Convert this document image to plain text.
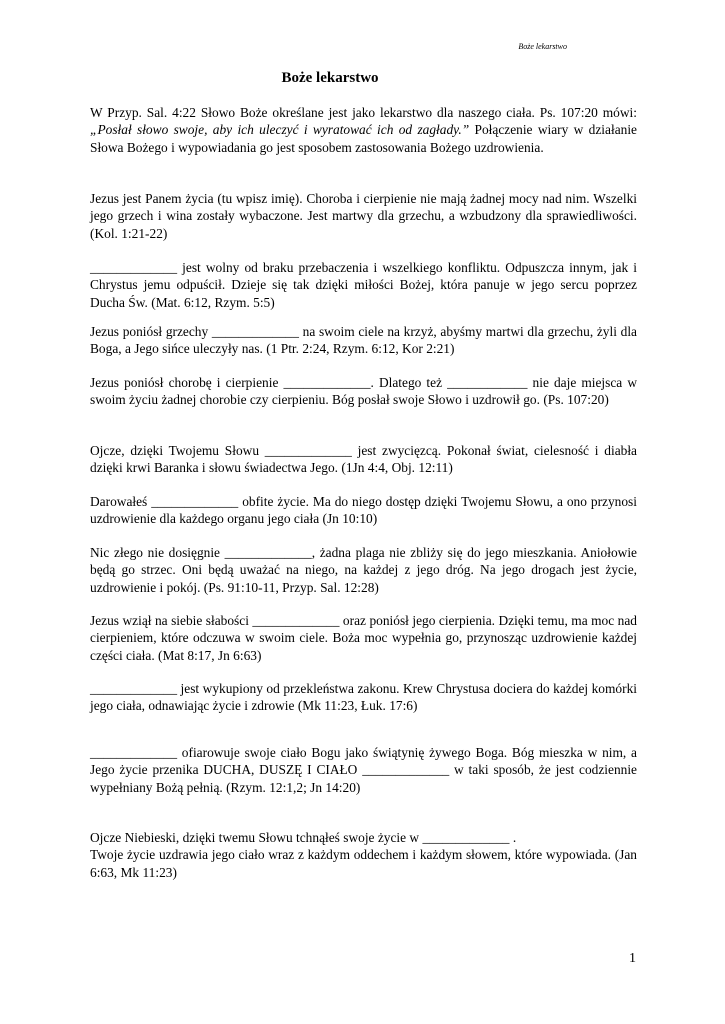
Boże lekarstwo
Boże lekarstwo

W Przyp. Sal. 4:22 Słowo Boże określane jest jako lekarstwo dla naszego ciała. Ps. 107:20 mówi: „Posłał słowo swoje, aby ich uleczyć i wyratować ich od zagłady.” Połączenie wiary w działanie Słowa Bożego i wypowiadania go jest sposobem zastosowania Bożego uzdrowienia.

Jezus jest Panem życia (tu wpisz imię). Choroba i cierpienie nie mają żadnej mocy nad nim. Wszelki jego grzech i wina zostały wybaczone. Jest martwy dla grzechu, a wzbudzony dla sprawiedliwości. (Kol. 1:21-22)

_____________ jest wolny od braku przebaczenia i wszelkiego konfliktu. Odpuszcza innym, jak i Chrystus jemu odpuścił. Dzieje się tak dzięki miłości Bożej, która panuje w jego sercu poprzez Ducha Św. (Mat. 6:12, Rzym. 5:5)

Jezus poniósł grzechy _____________ na swoim ciele na krzyż, abyśmy martwi dla grzechu, żyli dla Boga, a Jego sińce uleczyły nas. (1 Ptr. 2:24, Rzym. 6:12, Kor 2:21)

Jezus poniósł chorobę i cierpienie _____________. Dlatego też ____________ nie daje miejsca w swoim życiu żadnej chorobie czy cierpieniu. Bóg posłał swoje Słowo i uzdrowił go. (Ps. 107:20)

Ojcze, dzięki Twojemu Słowu _____________ jest zwycięzcą. Pokonał świat, cielesność i diabła dzięki krwi Baranka i słowu świadectwa Jego. (1Jn 4:4, Obj. 12:11)

Darowałeś _____________ obfite życie. Ma do niego dostęp dzięki Twojemu Słowu, a ono przynosi uzdrowienie dla każdego organu jego ciała (Jn 10:10)

Nic złego nie dosięgnie _____________, żadna plaga nie zbliży się do jego mieszkania. Aniołowie będą go strzec. Oni będą uważać na niego, na każdej z jego dróg. Na jego drogach jest życie, uzdrowienie i pokój. (Ps. 91:10-11, Przyp. Sal. 12:28)

Jezus wziął na siebie słabości _____________ oraz poniósł jego cierpienia. Dzięki temu, ma moc nad cierpieniem, które odczuwa w swoim ciele. Boża moc wypełnia go, przynosząc uzdrowienie każdej części ciała. (Mat 8:17, Jn 6:63)

_____________ jest wykupiony od przekleństwa zakonu. Krew Chrystusa dociera do każdej komórki jego ciała, odnawiając życie i zdrowie (Mk 11:23, Łuk. 17:6)

_____________ ofiarowuje swoje ciało Bogu jako świątynię żywego Boga. Bóg mieszka w nim, a Jego życie przenika DUCHA, DUSZĘ I CIAŁO _____________ w taki sposób, że jest codziennie wypełniany Bożą pełnią. (Rzym. 12:1,2; Jn 14:20)

Ojcze Niebieski, dzięki twemu Słowu tchnąłeś swoje życie w _____________ .
Twoje życie uzdrawia jego ciało wraz z każdym oddechem i każdym słowem, które wypowiada. (Jan 6:63, Mk 11:23)

1
